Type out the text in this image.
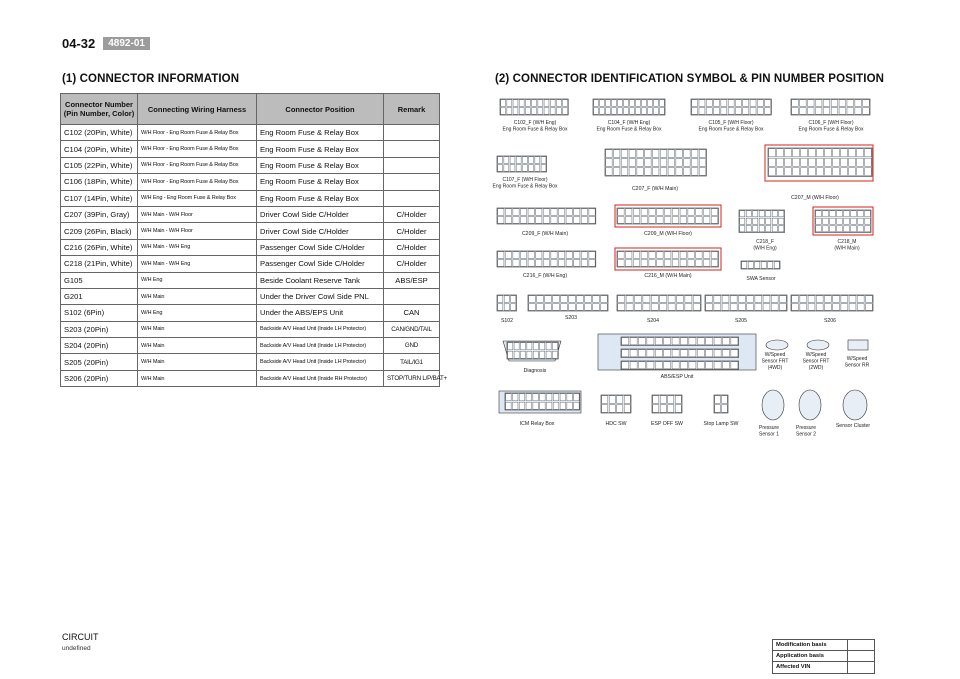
04-32	4892-01
(1) CONNECTOR INFORMATION	(2) CONNECTOR IDENTIFICATION SYMBOL & PIN NUMBER POSITION
Connector Number (Pin Number, Color)	Connecting Wiring Harness	Connector Position	Remark
C102 (20Pin, White)	W/H Floor - Eng Room Fuse & Relay Box	Eng Room Fuse & Relay Box	
C104 (20Pin, White)	W/H Floor - Eng Room Fuse & Relay Box	Eng Room Fuse & Relay Box	
C105 (22Pin, White)	W/H Floor - Eng Room Fuse & Relay Box	Eng Room Fuse & Relay Box	
C106 (18Pin, White)	W/H Floor - Eng Room Fuse & Relay Box	Eng Room Fuse & Relay Box	
C107 (14Pin, White)	W/H Eng - Eng Room Fuse & Relay Box	Eng Room Fuse & Relay Box	
C207 (39Pin, Gray)	W/H Main - W/H Floor	Driver Cowl Side C/Holder	C/Holder
C209 (26Pin, Black)	W/H Main - W/H Floor	Driver Cowl Side C/Holder	C/Holder
C216 (26Pin, White)	W/H Main - W/H Eng	Passenger Cowl Side C/Holder	C/Holder
C218 (21Pin, White)	W/H Main - W/H Eng	Passenger Cowl Side C/Holder	C/Holder
G105	W/H Eng	Beside Coolant Reserve Tank	ABS/ESP
G201	W/H Main	Under the Driver Cowl Side PNL	
S102 (6Pin)	W/H Eng	Under the ABS/EPS Unit	CAN
S203 (20Pin)	W/H Main	Backside A/V Head Unit (Inside LH Protector)	CAN/GND/TAIL
S204 (20Pin)	W/H Main	Backside A/V Head Unit (Inside LH Protector)	GND
S205 (20Pin)	W/H Main	Backside A/V Head Unit (Inside LH Protector)	TAIL/IG1
S206 (20Pin)	W/H Main	Backside A/V Head Unit (Inside RH Protector)	STOP/TURN L/P/BAT+
C102_F (W/H Eng)
Eng Room Fuse & Relay Box
C104_F (W/H Eng)
Eng Room Fuse & Relay Box
C105_F (W/H Floor)
Eng Room Fuse & Relay Box
C106_F (W/H Floor)
Eng Room Fuse & Relay Box
C107_F (W/H Floor)
Eng Room Fuse & Relay Box	C207_F (W/H Main)
C207_M (W/H Floor)
C209_F (W/H Main)	C209_M (W/H Floor)
C218_F
(W/H Eng)
C218_M
(W/H Main)
C216_F (W/H Eng)	C216_M (W/H Main)	SWA Sensor
S102	S203	S204	S205	S206
Diagnosis
ABS/ESP Unit
W/Speed
Sensor FRT
(4WD)
W/Speed
Sensor FRT
(2WD)
W/Speed
Sensor RR
ICM Relay Box	HDC SW	ESP OFF SW	Stop Lamp SW
Pressure
Sensor 1
Pressure
Sensor 2
Sensor Cluster
CIRCUIT
undefined	Modification basis
Application basis
Affected VIN
